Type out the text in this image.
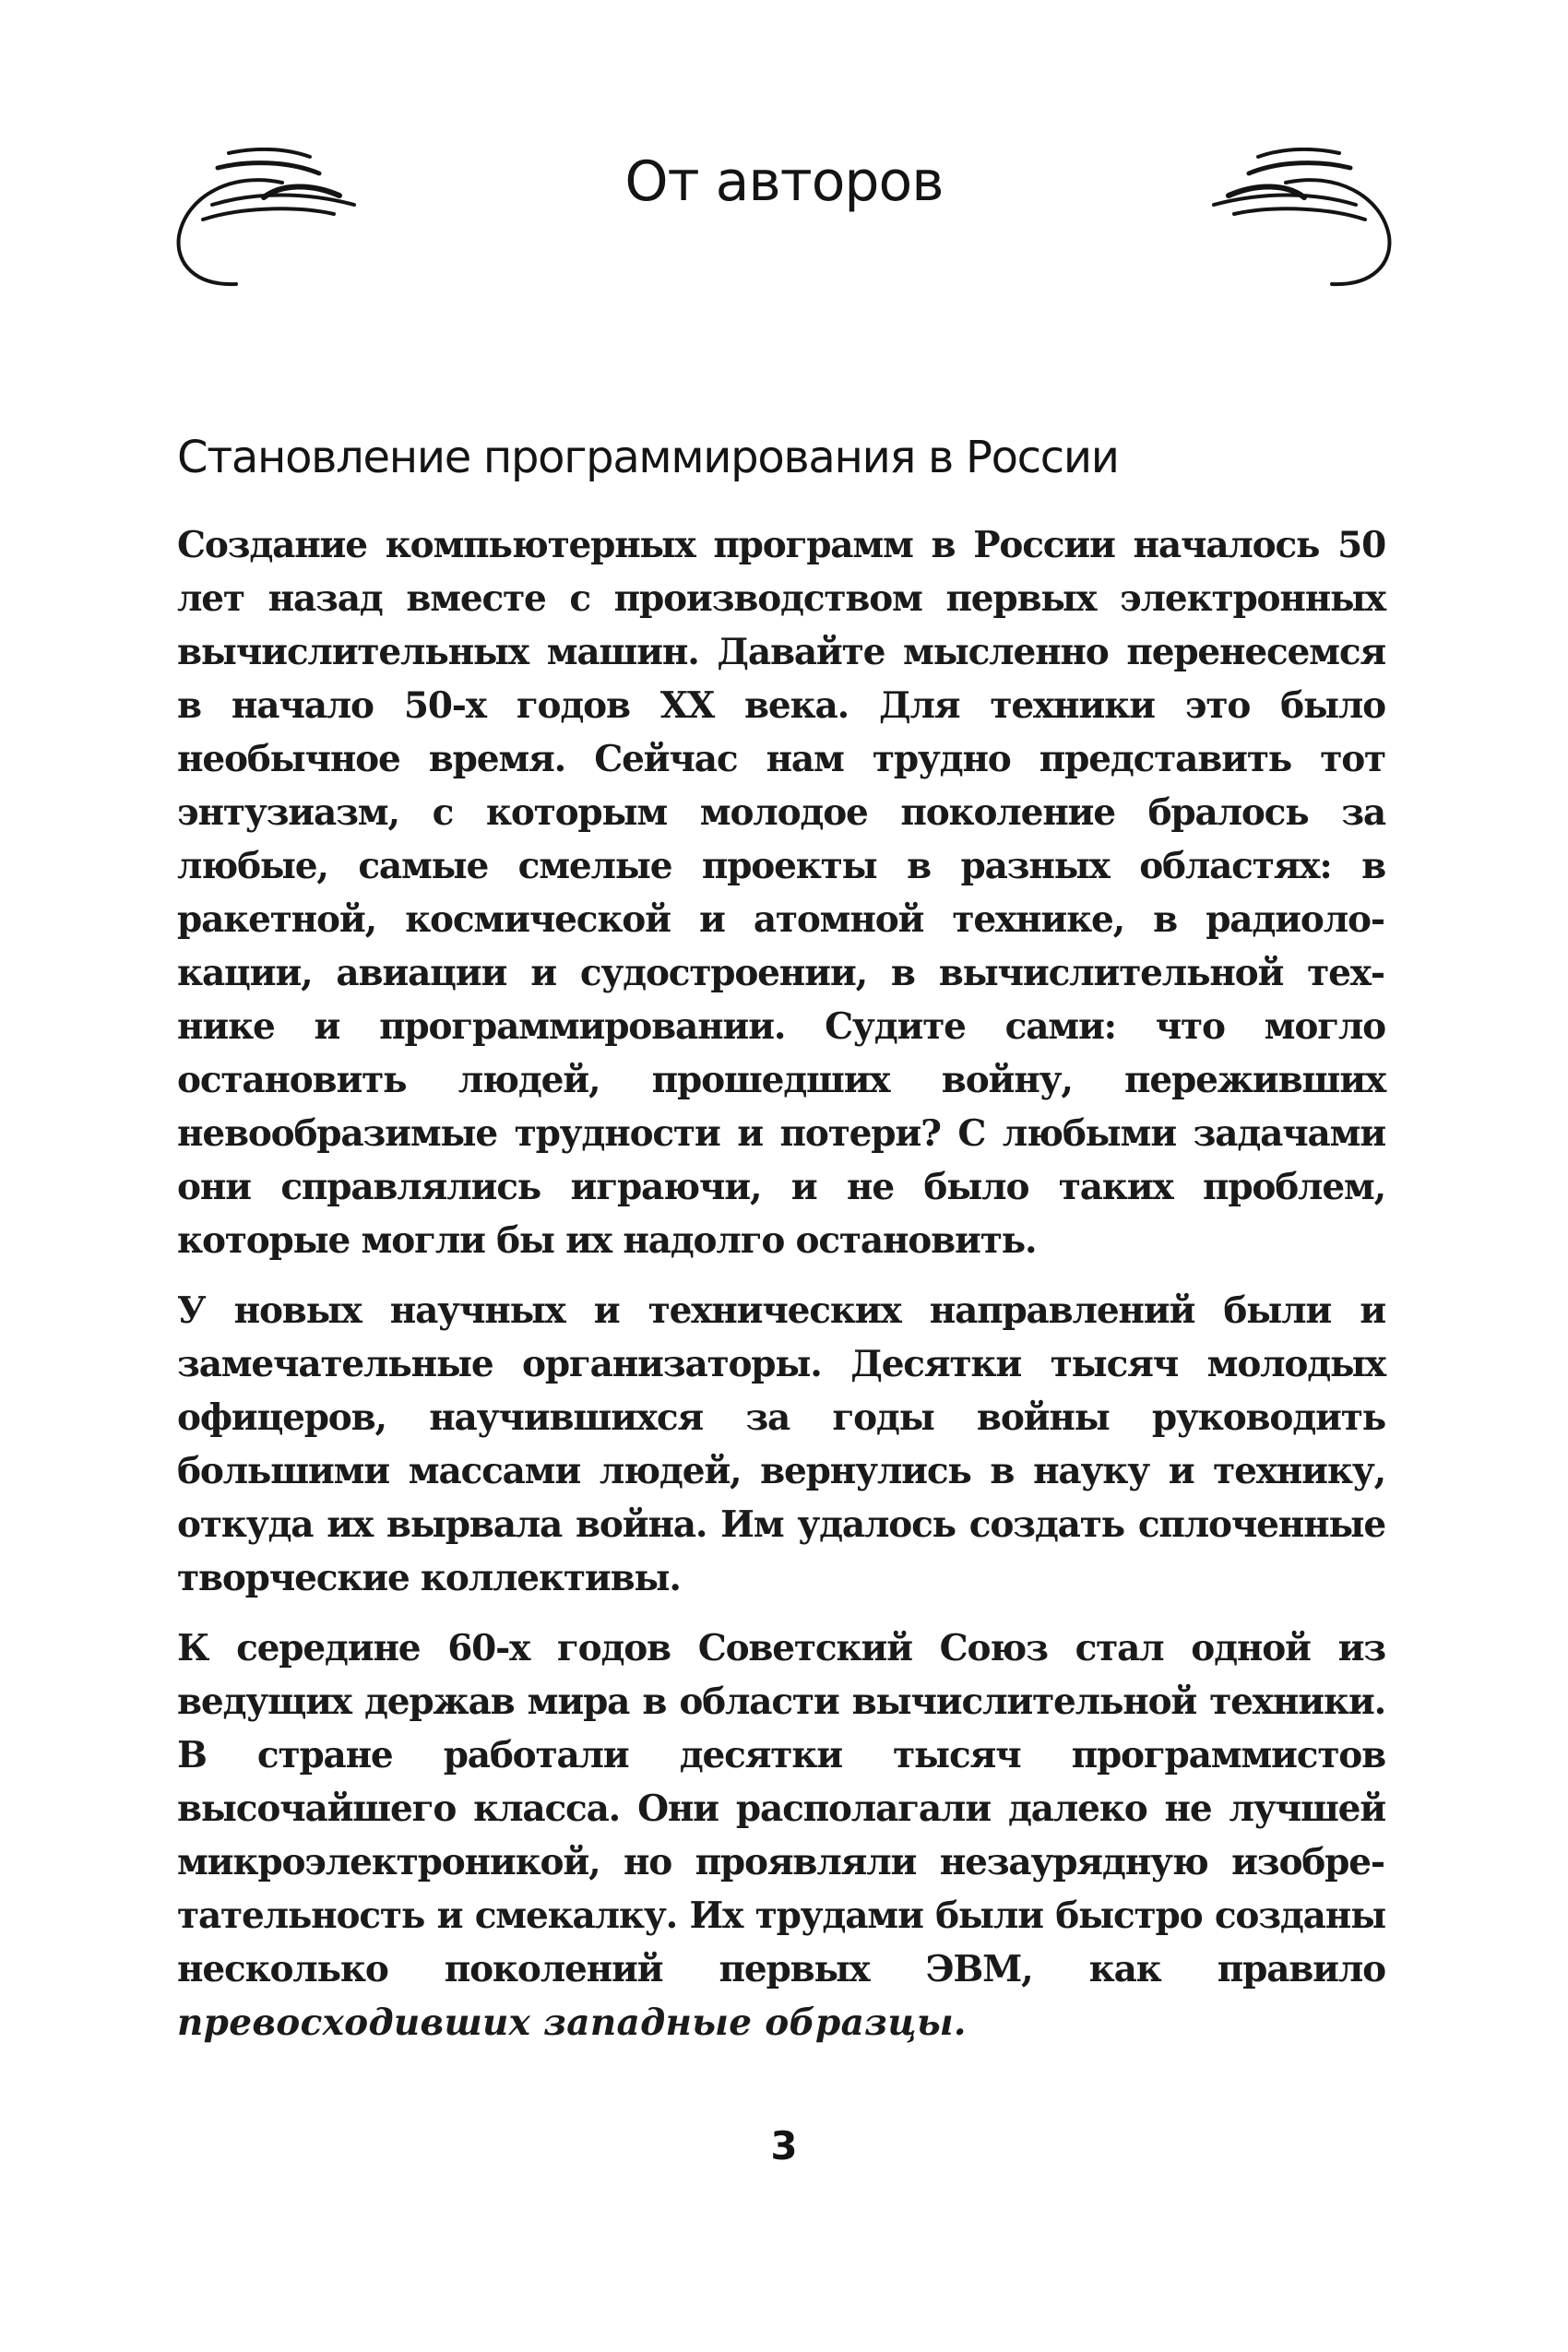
От авторов
Становление программирования в России

Создание компьютерных программ в России началось 50 лет назад вместе с производством первых электронных вычислительных машин. Давайте мысленно перенесемся в начало 50-х годов XX века. Для техники это было необычное время. Сейчас нам трудно представить тот энтузиазм, с которым молодое поколение бралось за любые, самые смелые проекты в разных областях: в ракетной, космической и атомной технике, в радиолокации, авиации и судостроении, в вычислительной технике и программировании. Судите сами: что могло остановить людей, прошедших войну, переживших невообразимые трудности и потери? С любыми задачами они справлялись играючи, и не было таких проблем, которые могли бы их надолго остановить.

У новых научных и технических направлений были и замечательные организаторы. Десятки тысяч молодых офицеров, научившихся за годы войны руководить большими массами людей, вернулись в науку и технику, откуда их вырвала война. Им удалось создать сплоченные творческие коллективы.

К середине 60-х годов Советский Союз стал одной из ведущих держав мира в области вычислительной техники. В стране работали десятки тысяч программистов высочайшего класса. Они располагали далеко не лучшей микроэлектроникой, но проявляли незаурядную изобретательность и смекалку. Их трудами были быстро созданы несколько поколений первых ЭВМ, как правило превосходивших западные образцы.

3
